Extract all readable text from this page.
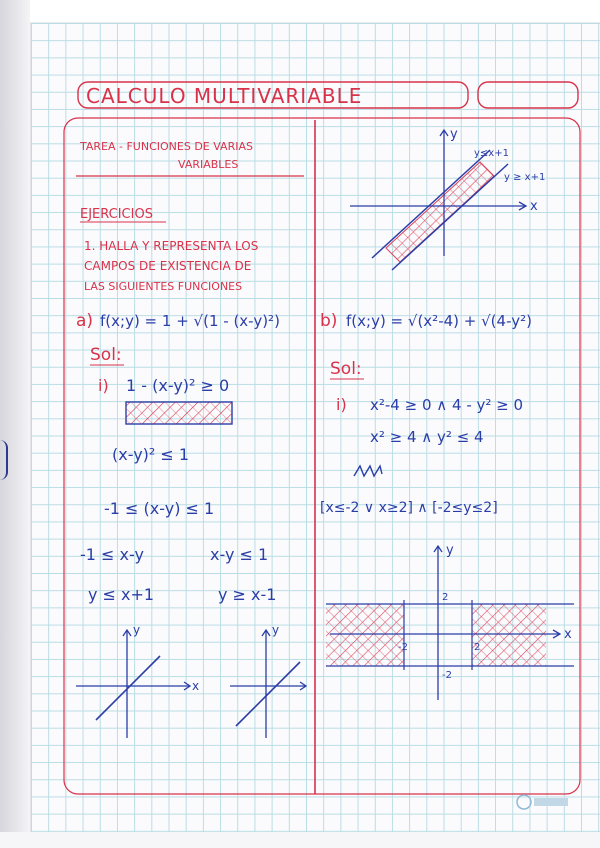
CALCULO MULTIVARIABLE
TAREA - FUNCIONES DE VARIAS
VARIABLES
EJERCICIOS
1. HALLA Y REPRESENTA LOS
CAMPOS DE EXISTENCIA DE
LAS SIGUIENTES FUNCIONES
a) f(x;y) = 1 + √(1 - (x-y)²)
Sol:
i) 1 - (x-y)² ≥ 0
(x-y)² ≤ 1
-1 ≤ (x-y) ≤ 1
-1 ≤ x-y	x-y ≤ 1
y ≤ x+1	y ≥ x-1
x
y	y
y
x
y≤x+1
y ≥ x+1
b) f(x;y) = √(x²-4) + √(4-y²)
Sol:
i) x²-4 ≥ 0 ∧ 4 - y² ≥ 0
x² ≥ 4 ∧ y² ≤ 4
[x≤-2 ∨ x≥2] ∧ [-2≤y≤2]
y
x
2
-2
-2	2
